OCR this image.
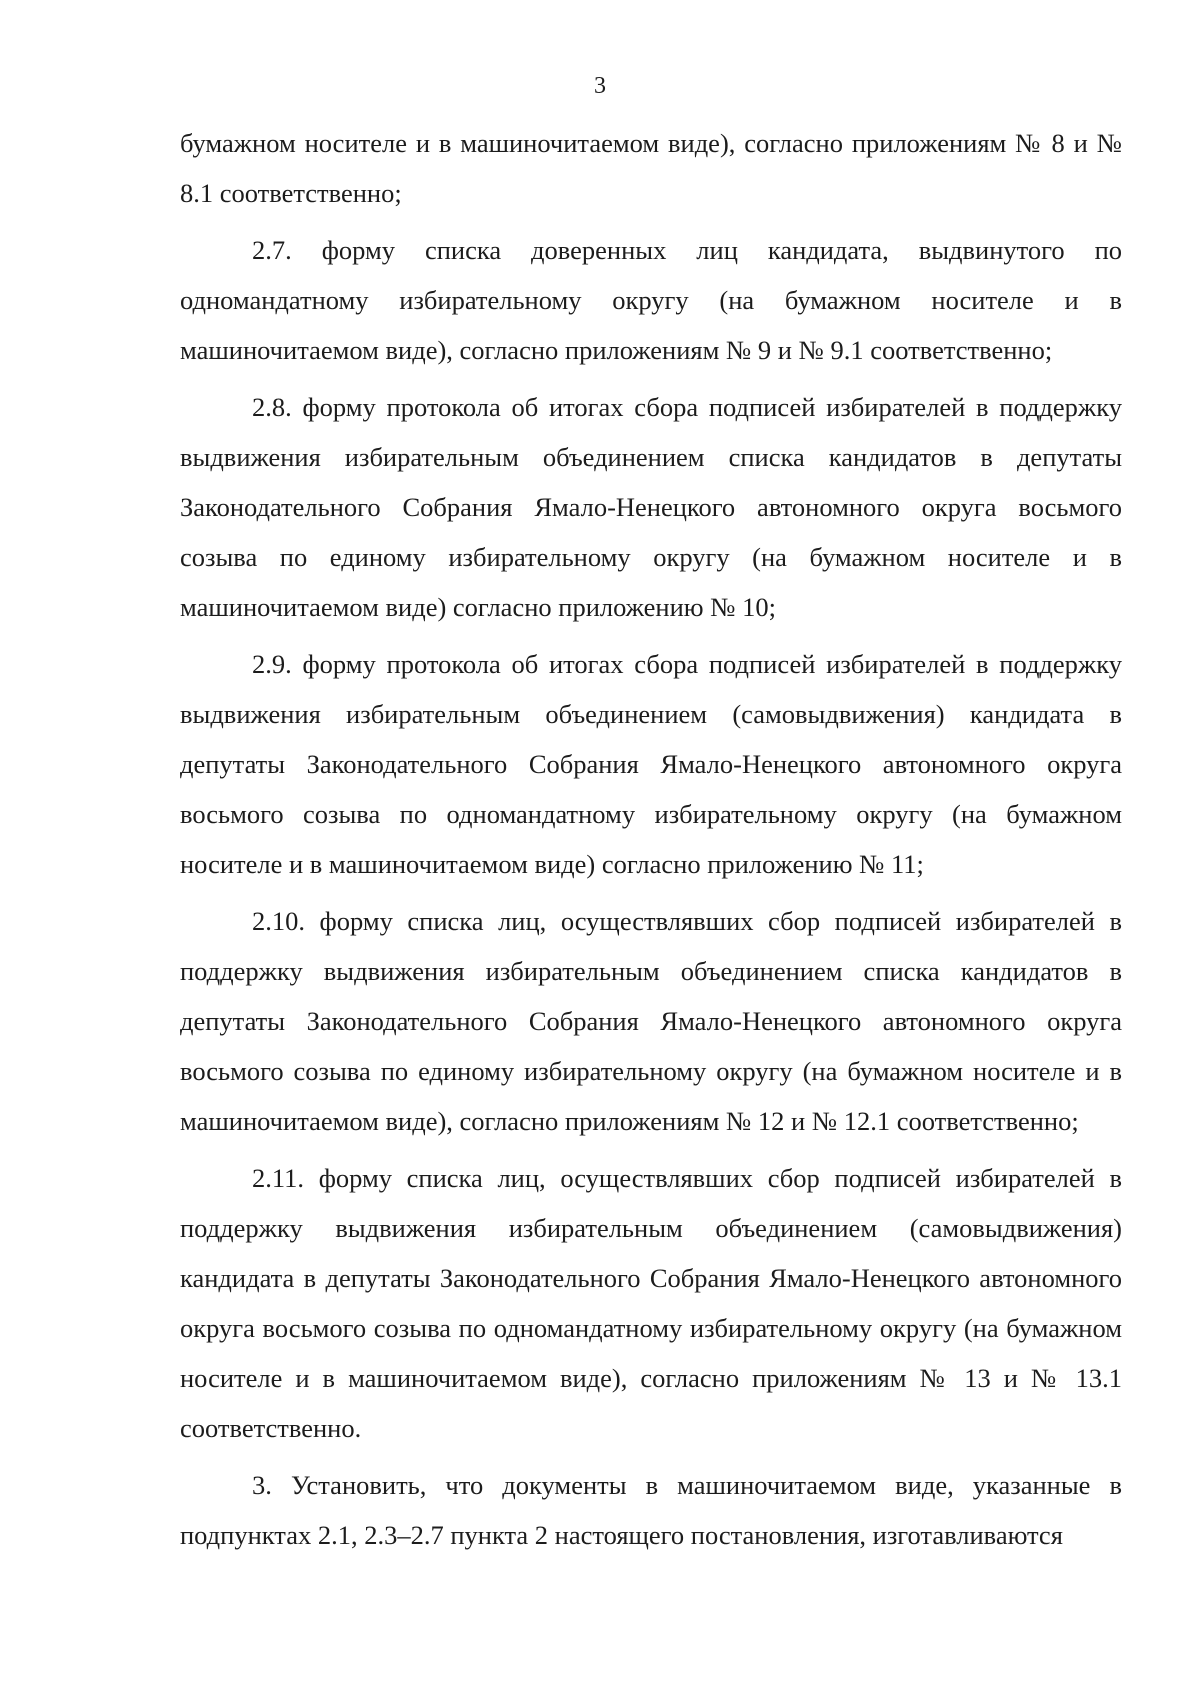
3

бумажном носителе и в машиночитаемом виде), согласно приложениям № 8 и № 8.1 соответственно;

2.7. форму списка доверенных лиц кандидата, выдвинутого по одномандатному избирательному округу (на бумажном носителе и в машиночитаемом виде), согласно приложениям № 9 и № 9.1 соответственно;

2.8. форму протокола об итогах сбора подписей избирателей в поддержку выдвижения избирательным объединением списка кандидатов в депутаты Законодательного Собрания Ямало-Ненецкого автономного округа восьмого созыва по единому избирательному округу (на бумажном носителе и в машиночитаемом виде) согласно приложению № 10;

2.9. форму протокола об итогах сбора подписей избирателей в поддержку выдвижения избирательным объединением (самовыдвижения) кандидата в депутаты Законодательного Собрания Ямало-Ненецкого автономного округа восьмого созыва по одномандатному избирательному округу (на бумажном носителе и в машиночитаемом виде) согласно приложению № 11;

2.10. форму списка лиц, осуществлявших сбор подписей избирателей в поддержку выдвижения избирательным объединением списка кандидатов в депутаты Законодательного Собрания Ямало-Ненецкого автономного округа восьмого созыва по единому избирательному округу (на бумажном носителе и в машиночитаемом виде), согласно приложениям № 12 и № 12.1 соответственно;

2.11. форму списка лиц, осуществлявших сбор подписей избирателей в поддержку выдвижения избирательным объединением (самовыдвижения) кандидата в депутаты Законодательного Собрания Ямало-Ненецкого автономного округа восьмого созыва по одномандатному избирательному округу (на бумажном носителе и в машиночитаемом виде), согласно приложениям № 13 и № 13.1 соответственно.

3. Установить, что документы в машиночитаемом виде, указанные в подпунктах 2.1, 2.3–2.7 пункта 2 настоящего постановления, изготавливаются
